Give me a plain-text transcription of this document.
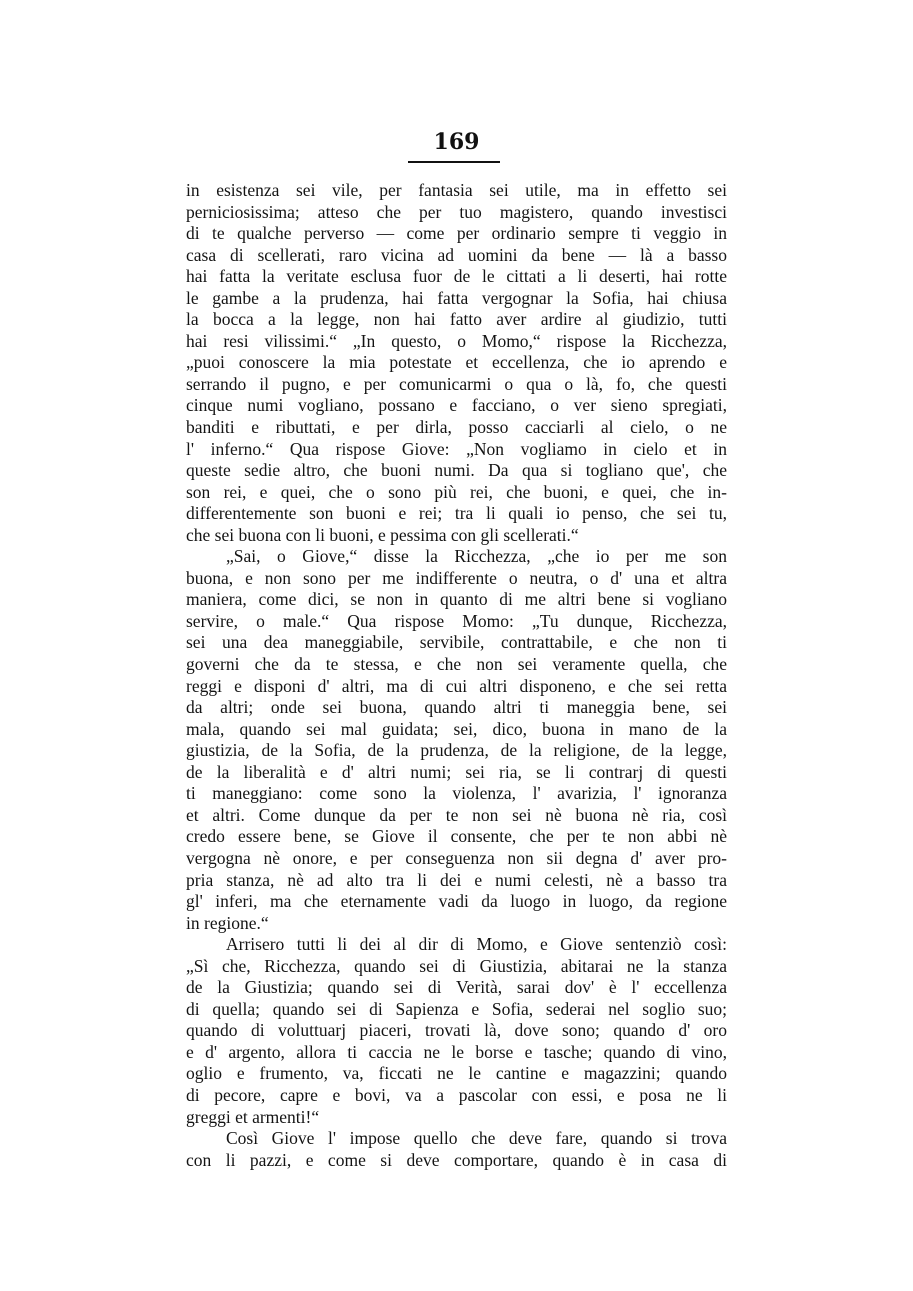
169
in esistenza sei vile, per fantasia sei utile, ma in effetto sei
perniciosissima; atteso che per tuo magistero, quando investisci
di te qualche perverso — come per ordinario sempre ti veggio in
casa di scellerati, raro vicina ad uomini da bene — là a basso
hai fatta la veritate esclusa fuor de le cittati a li deserti, hai rotte
le gambe a la prudenza, hai fatta vergognar la Sofia, hai chiusa
la bocca a la legge, non hai fatto aver ardire al giudizio, tutti
hai resi vilissimi.“ „In questo, o Momo,“ rispose la Ricchezza,
„puoi conoscere la mia potestate et eccellenza, che io aprendo e
serrando il pugno, e per comunicarmi o qua o là, fo, che questi
cinque numi vogliano, possano e facciano, o ver sieno spregiati,
banditi e ributtati, e per dirla, posso cacciarli al cielo, o ne
l' inferno.“ Qua rispose Giove: „Non vogliamo in cielo et in
queste sedie altro, che buoni numi. Da qua si togliano que', che
son rei, e quei, che o sono più rei, che buoni, e quei, che in-
differentemente son buoni e rei; tra li quali io penso, che sei tu,
che sei buona con li buoni, e pessima con gli scellerati.“
„Sai, o Giove,“ disse la Ricchezza, „che io per me son
buona, e non sono per me indifferente o neutra, o d' una et altra
maniera, come dici, se non in quanto di me altri bene si vogliano
servire, o male.“ Qua rispose Momo: „Tu dunque, Ricchezza,
sei una dea maneggiabile, servibile, contrattabile, e che non ti
governi che da te stessa, e che non sei veramente quella, che
reggi e disponi d' altri, ma di cui altri disponeno, e che sei retta
da altri; onde sei buona, quando altri ti maneggia bene, sei
mala, quando sei mal guidata; sei, dico, buona in mano de la
giustizia, de la Sofia, de la prudenza, de la religione, de la legge,
de la liberalità e d' altri numi; sei ria, se li contrarj di questi
ti maneggiano: come sono la violenza, l' avarizia, l' ignoranza
et altri. Come dunque da per te non sei nè buona nè ria, così
credo essere bene, se Giove il consente, che per te non abbi nè
vergogna nè onore, e per conseguenza non sii degna d' aver pro-
pria stanza, nè ad alto tra li dei e numi celesti, nè a basso tra
gl' inferi, ma che eternamente vadi da luogo in luogo, da regione
in regione.“
Arrisero tutti li dei al dir di Momo, e Giove sentenziò così:
„Sì che, Ricchezza, quando sei di Giustizia, abitarai ne la stanza
de la Giustizia; quando sei di Verità, sarai dov' è l' eccellenza
di quella; quando sei di Sapienza e Sofia, sederai nel soglio suo;
quando di voluttuarj piaceri, trovati là, dove sono; quando d' oro
e d' argento, allora ti caccia ne le borse e tasche; quando di vino,
oglio e frumento, va, ficcati ne le cantine e magazzini; quando
di pecore, capre e bovi, va a pascolar con essi, e posa ne li
greggi et armenti!“
Così Giove l' impose quello che deve fare, quando si trova
con li pazzi, e come si deve comportare, quando è in casa di
